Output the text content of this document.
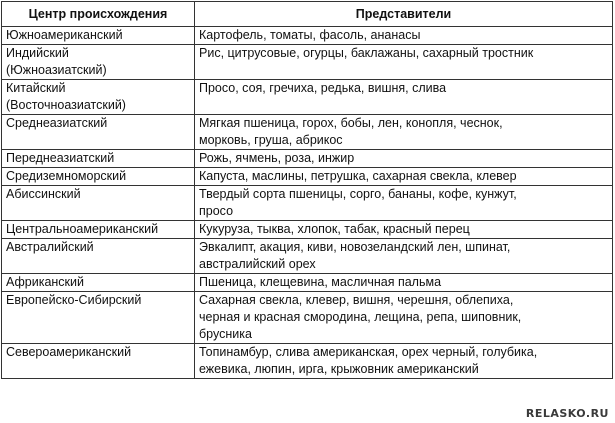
Центр происхождения	Представители
Южноамериканский	Картофель, томаты, фасоль, ананасы
Индийский
(Южноазиатский)	Рис, цитрусовые, огурцы, баклажаны, сахарный тростник
Китайский
(Восточноазиатский)	Просо, соя, гречиха, редька, вишня, слива
Среднеазиатский	Мягкая пшеница, горох, бобы, лен, конопля, чеснок,
морковь, груша, абрикос
Переднеазиатский	Рожь, ячмень, роза, инжир
Средиземноморский	Капуста, маслины, петрушка, сахарная свекла, клевер
Абиссинский	Твердый сорта пшеницы, сорго, бананы, кофе, кунжут,
просо
Центральноамериканский	Кукуруза, тыква, хлопок, табак, красный перец
Австралийский	Эвкалипт, акация, киви, новозеландский лен, шпинат,
австралийский орех
Африканский	Пшеница, клещевина, масличная пальма
Европейско-Сибирский	Сахарная свекла, клевер, вишня, черешня, облепиха,
черная и красная смородина, лещина, репа, шиповник,
брусника
Североамериканский	Топинамбур, слива американская, орех черный, голубика,
ежевика, люпин, ирга, крыжовник американский
RELASKO.RU
